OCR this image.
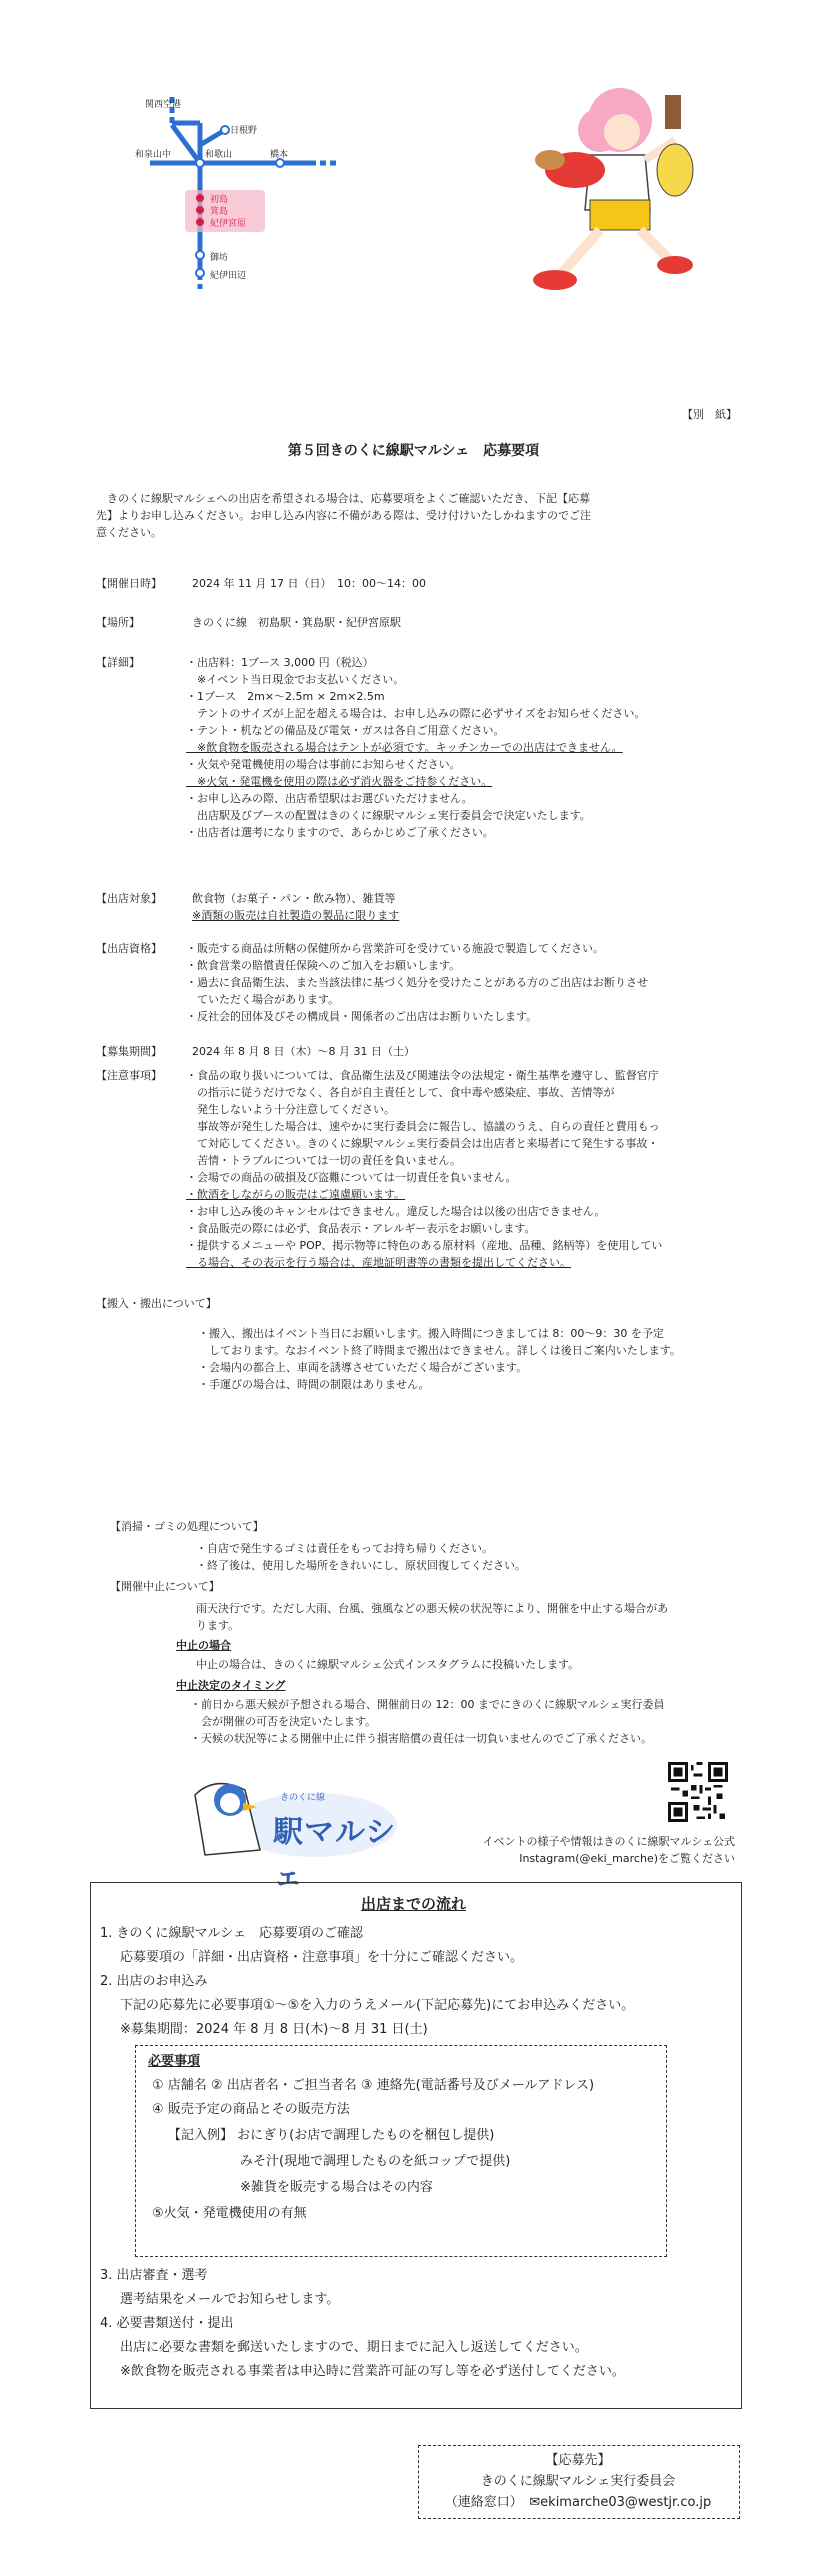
関西空港
日根野
和泉山中	和歌山	橋本
初島
箕島
紀伊宮原
御坊
紀伊田辺
【別　紙】
第５回きのくに線駅マルシェ　応募要項
　きのくに線駅マルシェへの出店を希望される場合は、応募要項をよくご確認いただき、下記【応募
先】よりお申し込みください。お申し込み内容に不備がある際は、受け付けいたしかねますのでご注
意ください。
【開催日時】	2024 年 11 月 17 日（日）　10：00～14：00
【場所】	きのくに線　初島駅・箕島駅・紀伊宮原駅
【詳細】	・出店料：1ブース 3,000 円（税込）
　※イベント当日現金でお支払いください。
・1ブース　2m×～2.5m × 2m×2.5m
　テントのサイズが上記を超える場合は、お申し込みの際に必ずサイズをお知らせください。
・テント・机などの備品及び電気・ガスは各自ご用意ください。
　※飲食物を販売される場合はテントが必須です。キッチンカーでの出店はできません。
・火気や発電機使用の場合は事前にお知らせください。
　※火気・発電機を使用の際は必ず消火器をご持参ください。
・お申し込みの際、出店希望駅はお選びいただけません。
　出店駅及びブースの配置はきのくに線駅マルシェ実行委員会で決定いたします。
・出店者は選考になりますので、あらかじめご了承ください。
【出店対象】	飲食物（お菓子・パン・飲み物）、雑貨等
※酒類の販売は自社製造の製品に限ります
【出店資格】 ・販売する商品は所轄の保健所から営業許可を受けている施設で製造してください。
・飲食営業の賠償責任保険へのご加入をお願いします。
・過去に食品衛生法、また当該法律に基づく処分を受けたことがある方のご出店はお断りさせ
　ていただく場合があります。
・反社会的団体及びその構成員・関係者のご出店はお断りいたします。
【募集期間】	2024 年 8 月 8 日（木）～8 月 31 日（土）
【注意事項】 ・食品の取り扱いについては、食品衛生法及び関連法令の法規定・衛生基準を遵守し、監督官庁
　の指示に従うだけでなく、各自が自主責任として、食中毒や感染症、事故、苦情等が
　発生しないよう十分注意してください。
　事故等が発生した場合は、速やかに実行委員会に報告し、協議のうえ、自らの責任と費用もっ
　て対応してください。きのくに線駅マルシェ実行委員会は出店者と来場者にて発生する事故・
　苦情・トラブルについては一切の責任を負いません。
・会場での商品の破損及び盗難については一切責任を負いません。
・飲酒をしながらの販売はご遠慮願います。
・お申し込み後のキャンセルはできません。違反した場合は以後の出店できません。
・食品販売の際には必ず、食品表示・アレルギー表示をお願いします。
・提供するメニューや POP、掲示物等に特色のある原材料（産地、品種、銘柄等）を使用してい
　る場合、その表示を行う場合は、産地証明書等の書類を提出してください。
【搬入・搬出について】
・搬入、搬出はイベント当日にお願いします。搬入時間につきましては 8：00～9：30 を予定
　しております。なおイベント終了時間まで搬出はできません。詳しくは後日ご案内いたします。
・会場内の都合上、車両を誘導させていただく場合がございます。
・手運びの場合は、時間の制限はありません。
【消掃・ゴミの処理について】
・自店で発生するゴミは責任をもってお持ち帰りください。
・終了後は、使用した場所をきれいにし、原状回復してください。
【開催中止について】
雨天決行です。ただし大雨、台風、強風などの悪天候の状況等により、開催を中止する場合があ
ります。
中止の場合
中止の場合は、きのくに線駅マルシェ公式インスタグラムに投稿いたします。
中止決定のタイミング
・前日から悪天候が予想される場合、開催前日の 12：00 までにきのくに線駅マルシェ実行委員
　会が開催の可否を決定いたします。
・天候の状況等による開催中止に伴う損害賠償の責任は一切負いませんのでご了承ください。
駅マルシェ
きのくに線
イベントの様子や情報はきのくに線駅マルシェ公式
Instagram(@eki_marche)をご覧ください
出店までの流れ
1. きのくに線駅マルシェ　応募要項のご確認
応募要項の「詳細・出店資格・注意事項」を十分にご確認ください。
2. 出店のお申込み
下記の応募先に必要事項①～⑤を入力のうえメール(下記応募先)にてお申込みください。
※募集期間：2024 年 8 月 8 日(木)～8 月 31 日(土)
必要事項
① 店舗名 ② 出店者名・ご担当者名 ③ 連絡先(電話番号及びメールアドレス)
④ 販売予定の商品とその販売方法
【記入例】 おにぎり(お店で調理したものを梱包し提供)
みそ汁(現地で調理したものを紙コップで提供)
※雑貨を販売する場合はその内容
⑤火気・発電機使用の有無
3. 出店審査・選考
選考結果をメールでお知らせします。
4. 必要書類送付・提出
出店に必要な書類を郵送いたしますので、期日までに記入し返送してください。
※飲食物を販売される事業者は申込時に営業許可証の写し等を必ず送付してください。
【応募先】
きのくに線駅マルシェ実行委員会
（連絡窓口）　✉ekimarche03@westjr.co.jp
